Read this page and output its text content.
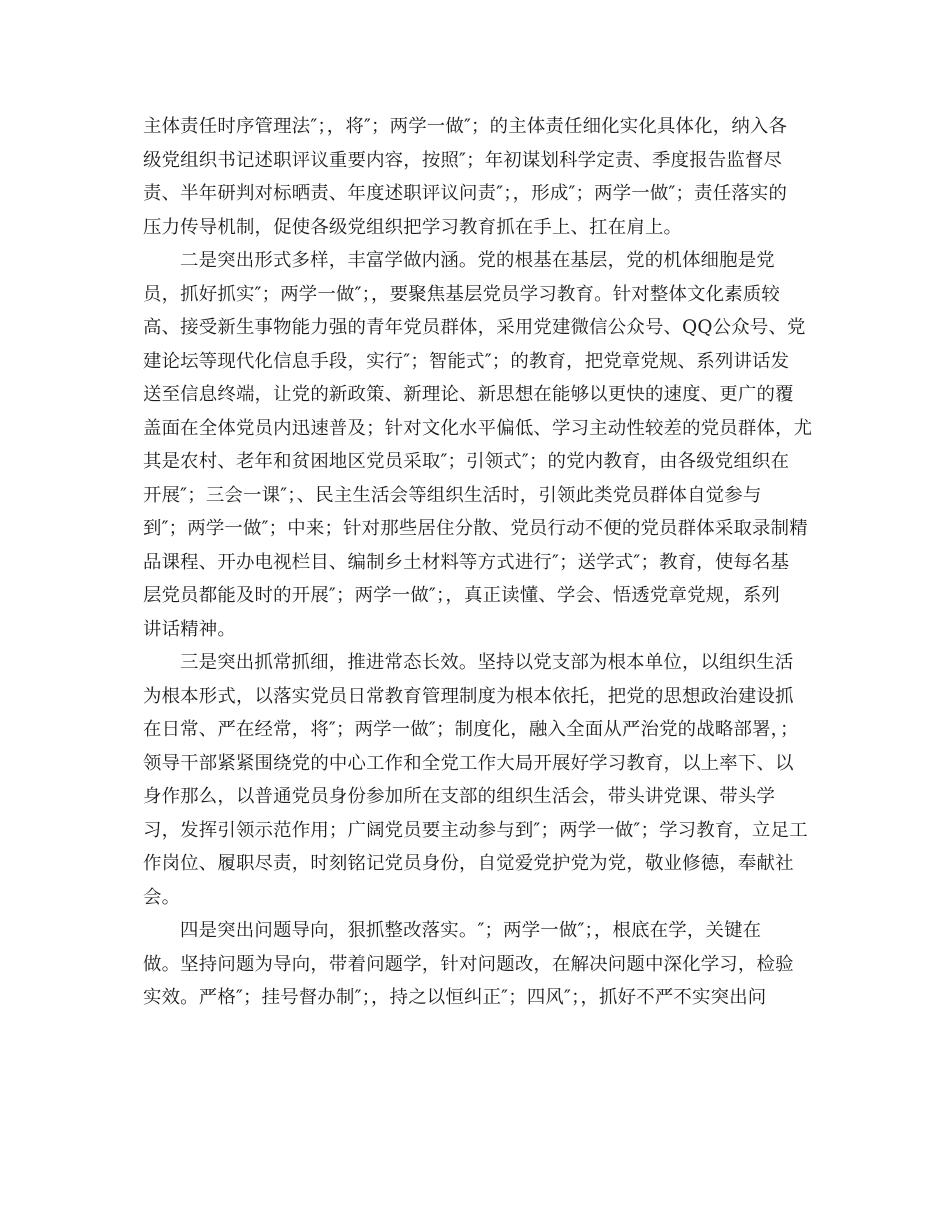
主体责任时序管理法″；，将″；两学一做″；的主体责任细化实化具体化，纳入各
级党组织书记述职评议重要内容，按照″；年初谋划科学定责、季度报告监督尽
责、半年研判对标晒责、年度述职评议问责″；，形成″；两学一做″；责任落实的
压力传导机制，促使各级党组织把学习教育抓在手上、扛在肩上。
二是突出形式多样，丰富学做内涵。党的根基在基层，党的机体细胞是党
员，抓好抓实″；两学一做″；，要聚焦基层党员学习教育。针对整体文化素质较
高、接受新生事物能力强的青年党员群体，采用党建微信公众号、QQ公众号、党
建论坛等现代化信息手段，实行″；智能式″；的教育，把党章党规、系列讲话发
送至信息终端，让党的新政策、新理论、新思想在能够以更快的速度、更广的覆
盖面在全体党员内迅速普及；针对文化水平偏低、学习主动性较差的党员群体，尤
其是农村、老年和贫困地区党员采取″；引领式″；的党内教育，由各级党组织在
开展″；三会一课″；、民主生活会等组织生活时，引领此类党员群体自觉参与
到″；两学一做″；中来；针对那些居住分散、党员行动不便的党员群体采取录制精
品课程、开办电视栏目、编制乡土材料等方式进行″；送学式″；教育，使每名基
层党员都能及时的开展″；两学一做″；，真正读懂、学会、悟透党章党规，系列
讲话精神。
三是突出抓常抓细，推进常态长效。坚持以党支部为根本单位，以组织生活
为根本形式，以落实党员日常教育管理制度为根本依托，把党的思想政治建设抓
在日常、严在经常，将″；两学一做″；制度化，融入全面从严治党的战略部署，；
领导干部紧紧围绕党的中心工作和全党工作大局开展好学习教育，以上率下、以
身作那么，以普通党员身份参加所在支部的组织生活会，带头讲党课、带头学
习，发挥引领示范作用；广阔党员要主动参与到″；两学一做″；学习教育，立足工
作岗位、履职尽责，时刻铭记党员身份，自觉爱党护党为党，敬业修德，奉献社
会。
四是突出问题导向，狠抓整改落实。″；两学一做″；，根底在学，关键在
做。坚持问题为导向，带着问题学，针对问题改，在解决问题中深化学习，检验
实效。严格″；挂号督办制″；，持之以恒纠正″；四风″；，抓好不严不实突出问
